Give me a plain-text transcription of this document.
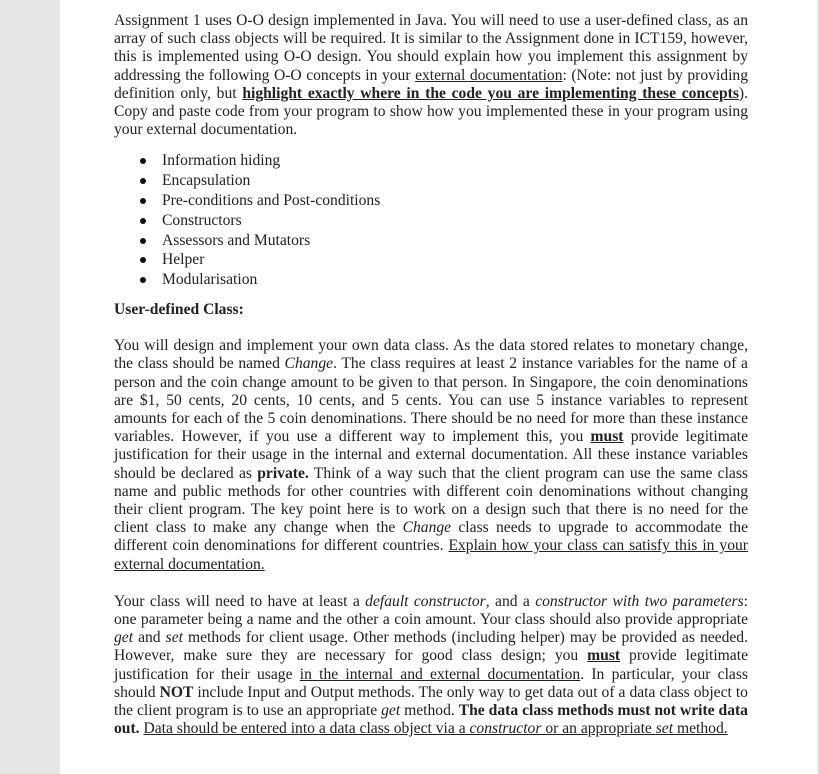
Assignment 1 uses O-O design implemented in Java. You will need to use a user-defined class, as an array of such class objects will be required. It is similar to the Assignment done in ICT159, however, this is implemented using O-O design. You should explain how you implement this assignment by addressing the following O-O concepts in your external documentation: (Note: not just by providing definition only, but highlight exactly where in the code you are implementing these concepts). Copy and paste code from your program to show how you implemented these in your program using your external documentation.

Information hiding
Encapsulation
Pre-conditions and Post-conditions
Constructors
Assessors and Mutators
Helper
Modularisation

User-defined Class:

You will design and implement your own data class. As the data stored relates to monetary change, the class should be named Change. The class requires at least 2 instance variables for the name of a person and the coin change amount to be given to that person. In Singapore, the coin denominations are $1, 50 cents, 20 cents, 10 cents, and 5 cents. You can use 5 instance variables to represent amounts for each of the 5 coin denominations. There should be no need for more than these instance variables. However, if you use a different way to implement this, you must provide legitimate justification for their usage in the internal and external documentation. All these instance variables should be declared as private. Think of a way such that the client program can use the same class name and public methods for other countries with different coin denominations without changing their client program. The key point here is to work on a design such that there is no need for the client class to make any change when the Change class needs to upgrade to accommodate the different coin denominations for different countries. Explain how your class can satisfy this in your external documentation.

Your class will need to have at least a default constructor, and a constructor with two parameters: one parameter being a name and the other a coin amount. Your class should also provide appropriate get and set methods for client usage. Other methods (including helper) may be provided as needed. However, make sure they are necessary for good class design; you must provide legitimate justification for their usage in the internal and external documentation. In particular, your class should NOT include Input and Output methods. The only way to get data out of a data class object to the client program is to use an appropriate get method. The data class methods must not write data out. Data should be entered into a data class object via a constructor or an appropriate set method.
